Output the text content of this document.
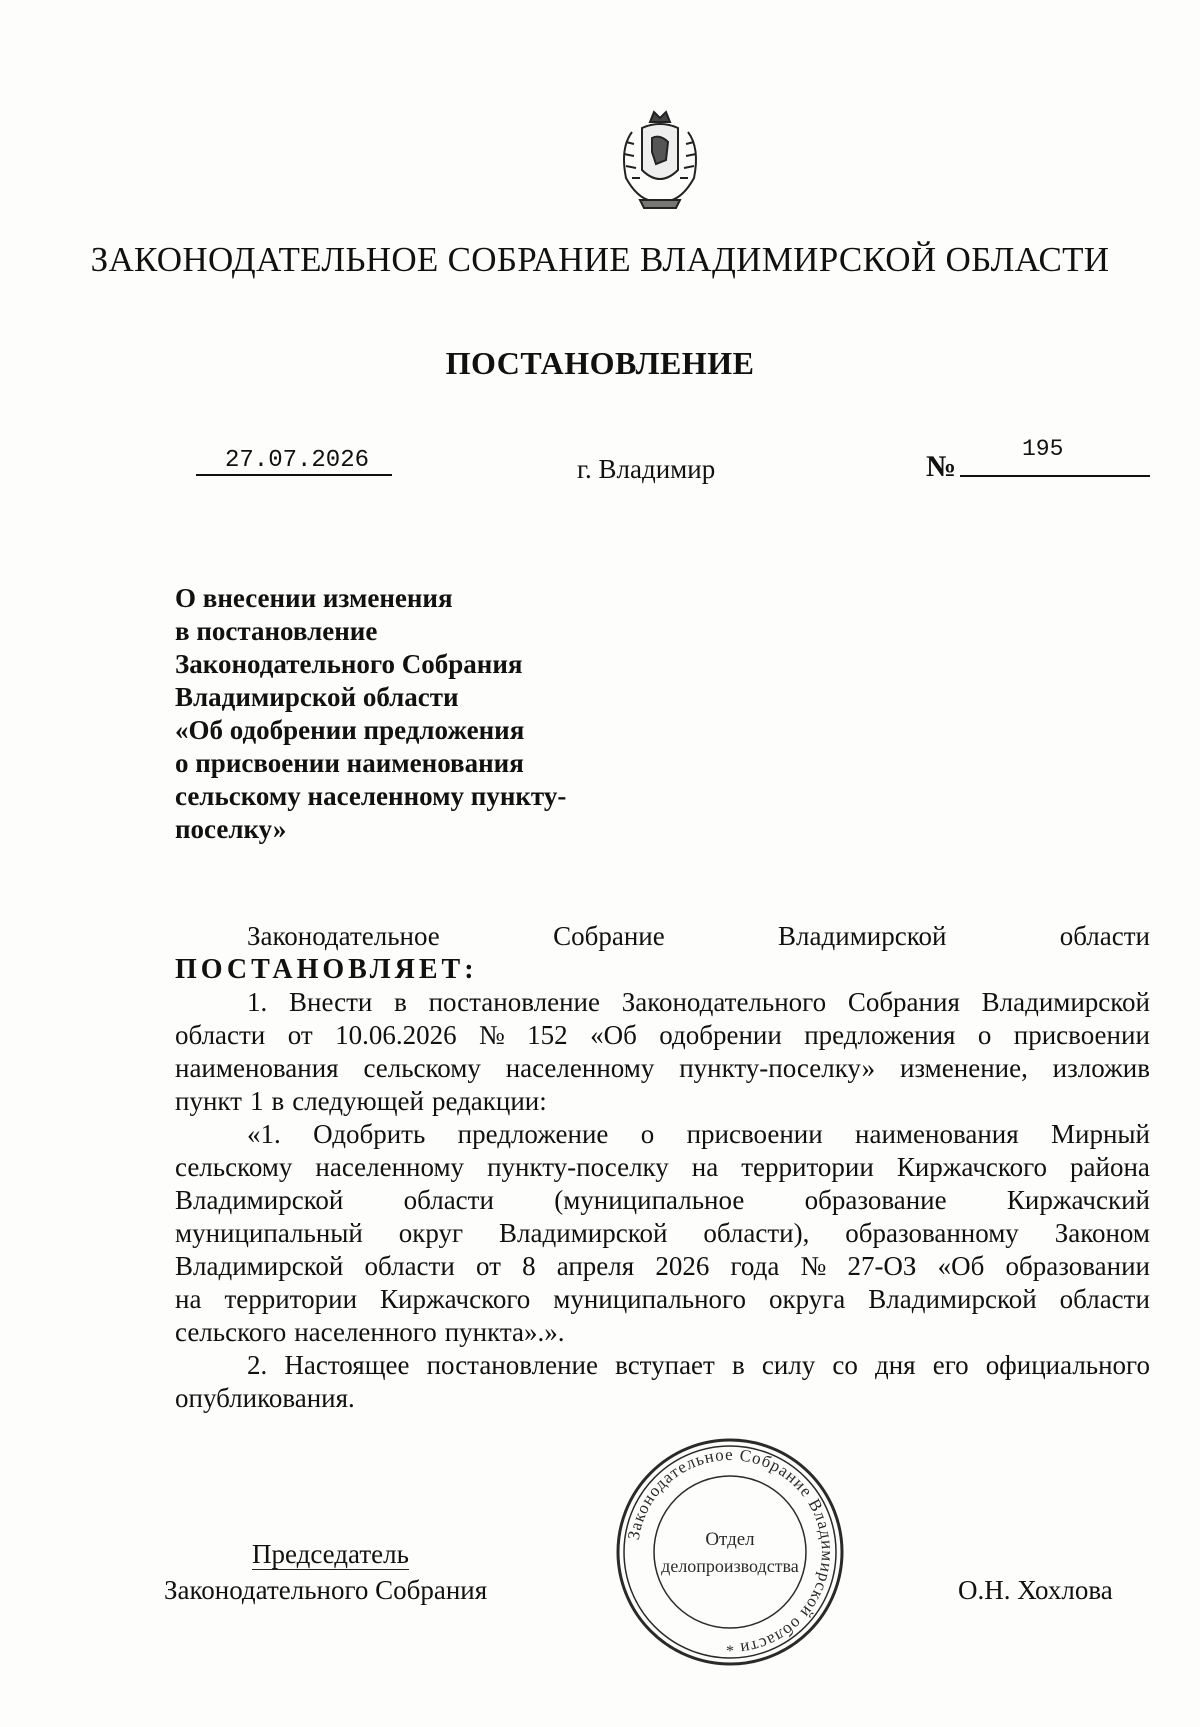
ЗАКОНОДАТЕЛЬНОЕ СОБРАНИЕ ВЛАДИМИРСКОЙ ОБЛАСТИ
ПОСТАНОВЛЕНИЕ
27.07.2026	г. Владимир	№
195
О внесении изменения
в постановление
Законодательного Собрания
Владимирской области
«Об одобрении предложения
о присвоении наименования
сельскому населенному пункту-
поселку»
Законодательное	Собрание	Владимирской	области
ПОСТАНОВЛЯЕТ:
1. Внести в постановление Законодательного Собрания Владимирской
области от 10.06.2026 № 152 «Об одобрении предложения о присвоении
наименования сельскому населенному пункту-поселку» изменение, изложив
пункт 1 в следующей редакции:
«1. Одобрить предложение о присвоении наименования Мирный
сельскому населенному пункту-поселку на территории Киржачского района
Владимирской области (муниципальное образование Киржачский
муниципальный округ Владимирской области), образованному Законом
Владимирской области от 8 апреля 2026 года № 27-ОЗ «Об образовании
на территории Киржачского муниципального округа Владимирской области
сельского населенного пункта».».
2. Настоящее постановление вступает в силу со дня его официального
опубликования.
Председатель
Законодательного Собрания	О.Н. Хохлова
Законодательное Собрание Владимирской области
Отдел
делопроизводства
*
